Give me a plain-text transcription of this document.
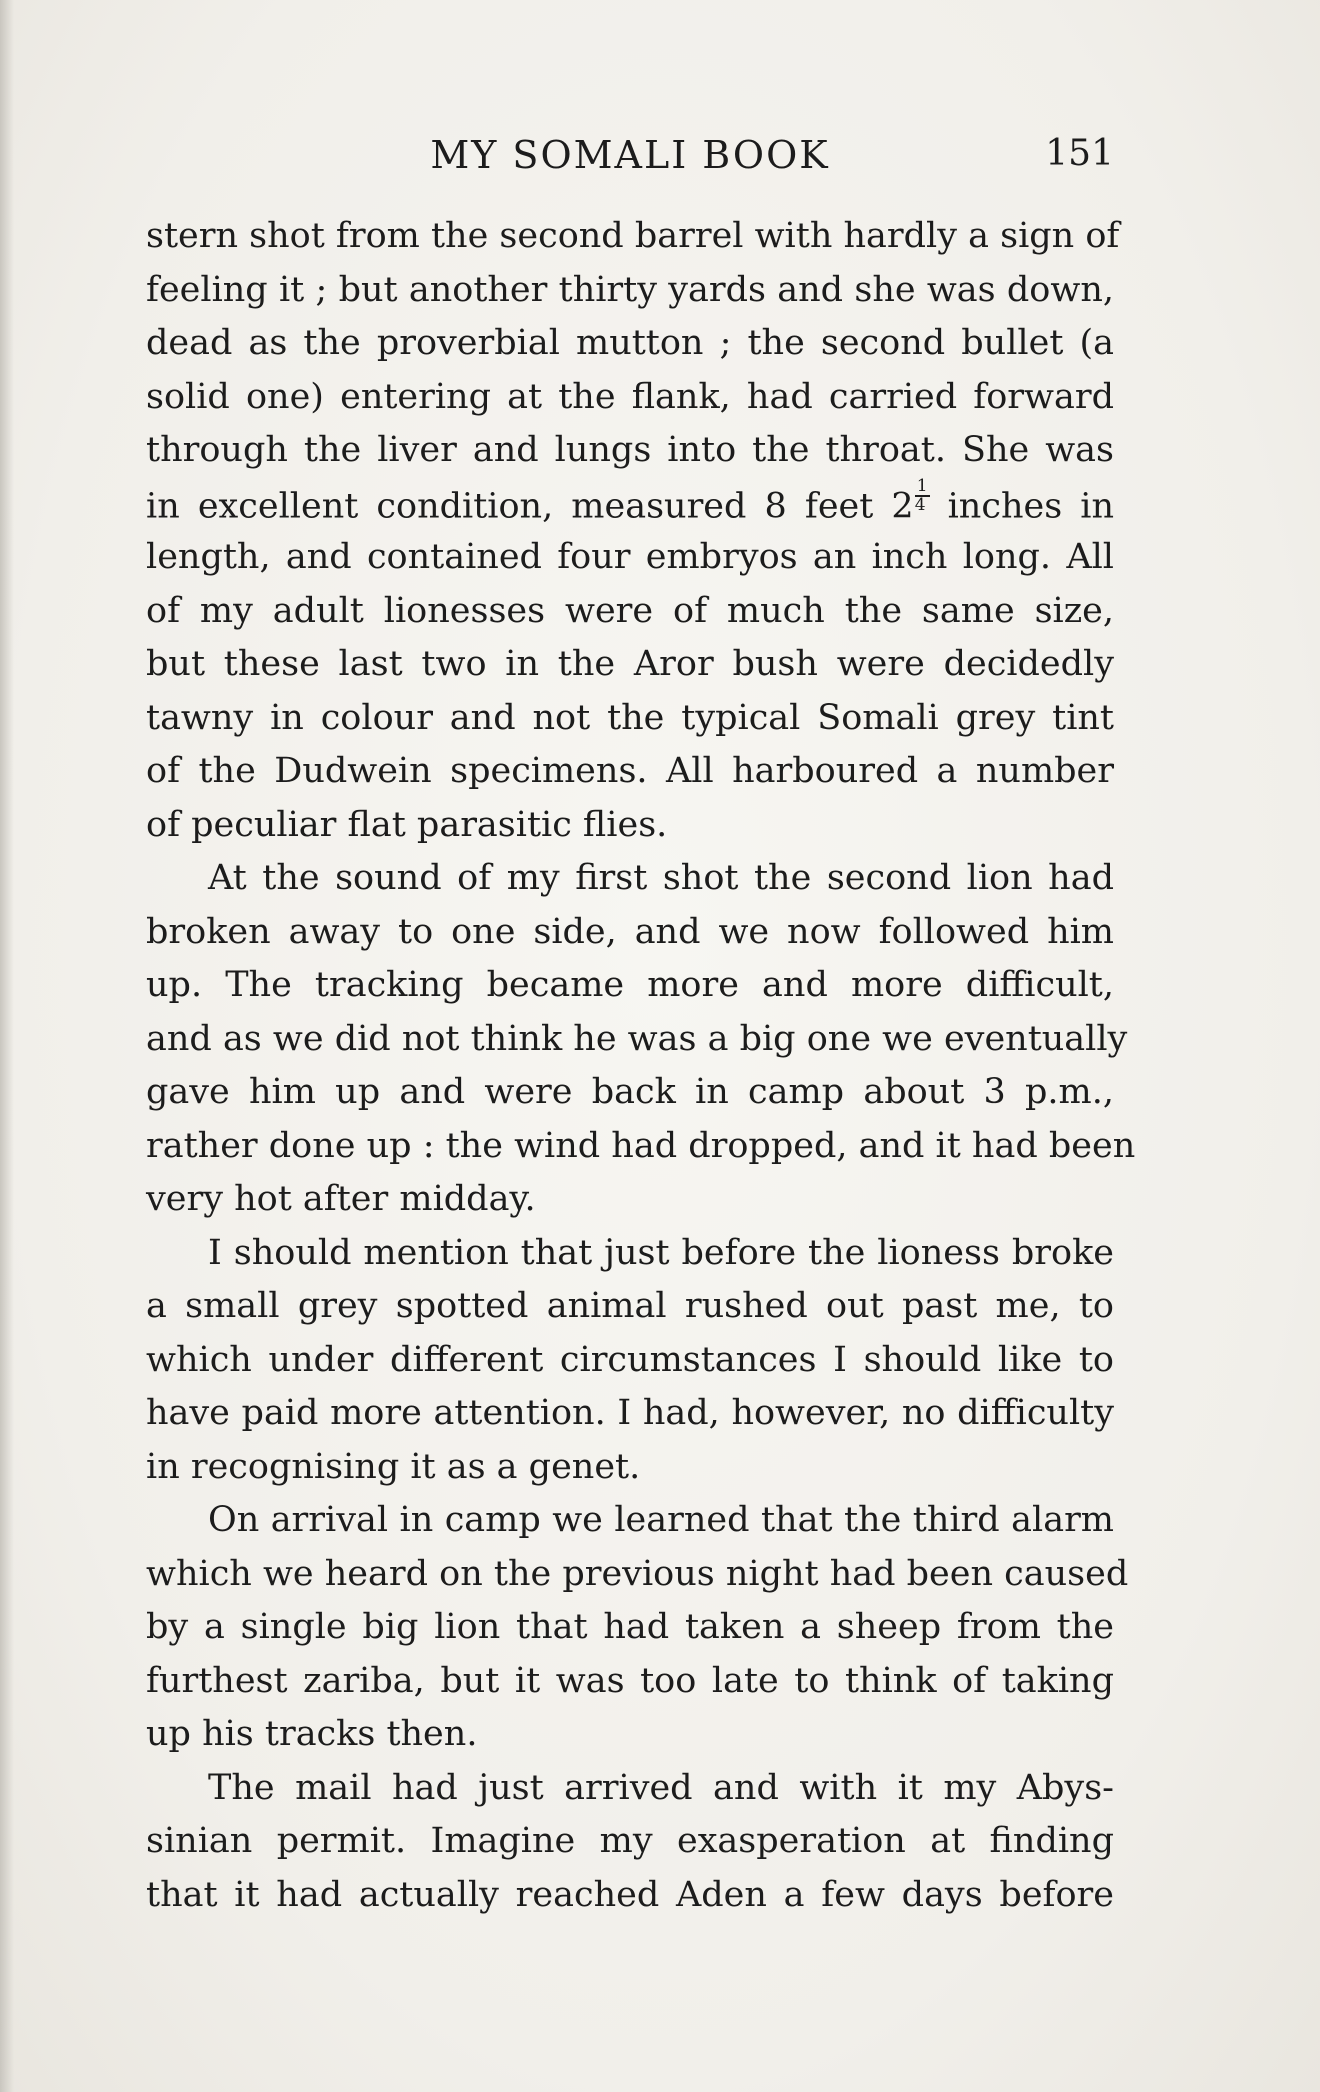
MY SOMALI BOOK	151
stern shot from the second barrel with hardly a sign of
feeling it ; but another thirty yards and she was down,
dead as the proverbial mutton ; the second bullet (a
solid one) entering at the flank, had carried forward
through the liver and lungs into the throat. She was
in excellent condition, measured 8 feet $2 \frac{1}{4}$ inches in
length, and contained four embryos an inch long. All
of my adult lionesses were of much the same size,
but these last two in the Aror bush were decidedly
tawny in colour and not the typical Somali grey tint
of the Dudwein specimens. All harboured a number
of peculiar flat parasitic flies.
At the sound of my first shot the second lion had
broken away to one side, and we now followed him
up. The tracking became more and more difficult,
and as we did not think he was a big one we eventually
gave him up and were back in camp about 3 p.m.,
rather done up : the wind had dropped, and it had been
very hot after midday.
I should mention that just before the lioness broke
a small grey spotted animal rushed out past me, to
which under different circumstances I should like to
have paid more attention. I had, however, no difficulty
in recognising it as a genet.
On arrival in camp we learned that the third alarm
which we heard on the previous night had been caused
by a single big lion that had taken a sheep from the
furthest zariba, but it was too late to think of taking
up his tracks then.
The mail had just arrived and with it my Abys-
sinian permit. Imagine my exasperation at finding
that it had actually reached Aden a few days before
